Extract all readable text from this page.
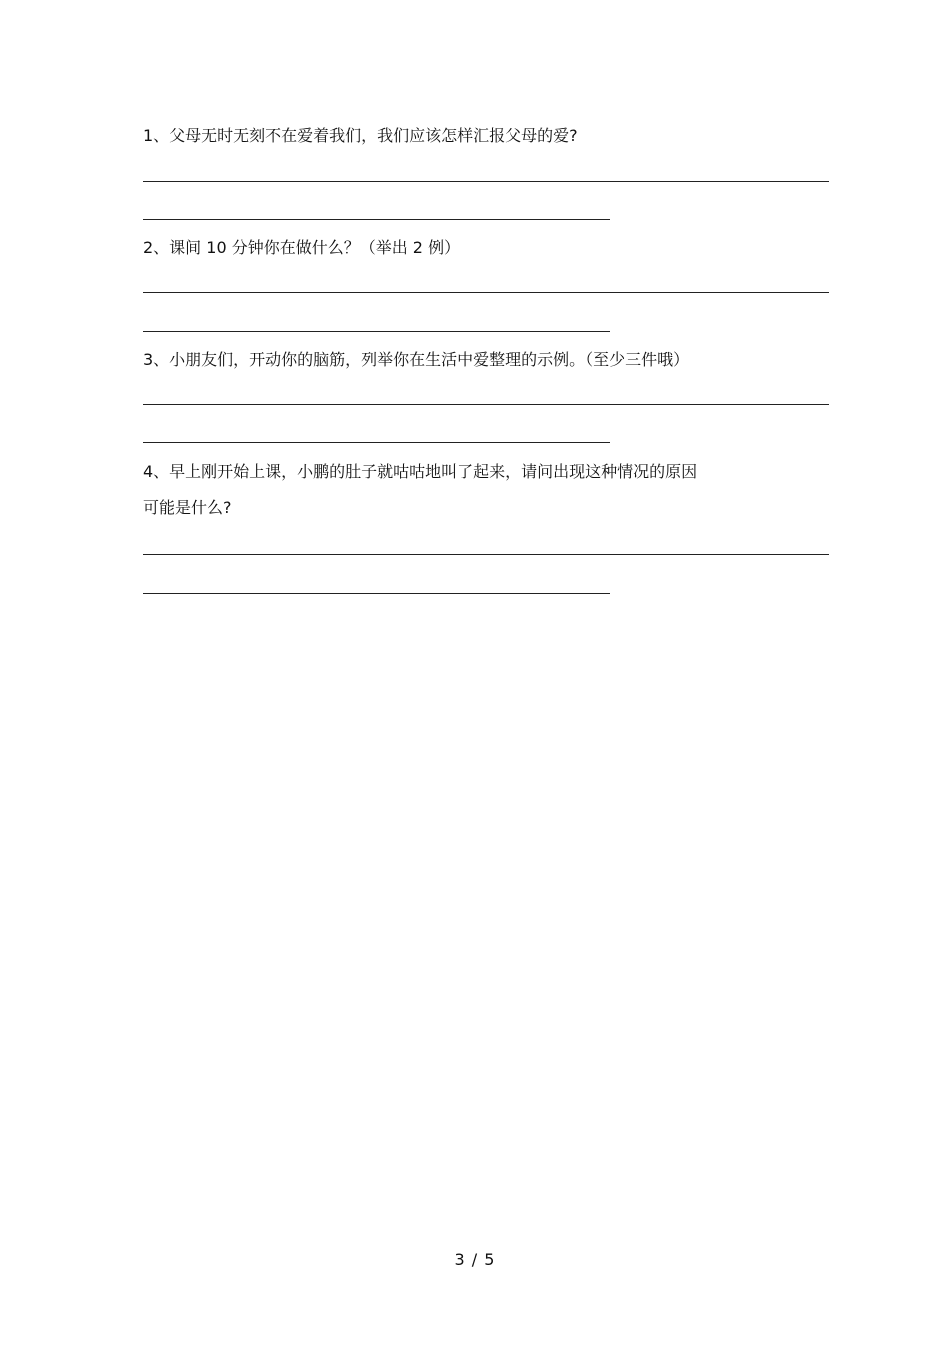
1、父母无时无刻不在爱着我们，我们应该怎样汇报父母的爱?
2、课间 10 分钟你在做什么？（举出 2 例）
3、小朋友们，开动你的脑筋，列举你在生活中爱整理的示例。（至少三件哦）
4、早上刚开始上课，小鹏的肚子就咕咕地叫了起来，请问出现这种情况的原因
可能是什么?
3 / 5
